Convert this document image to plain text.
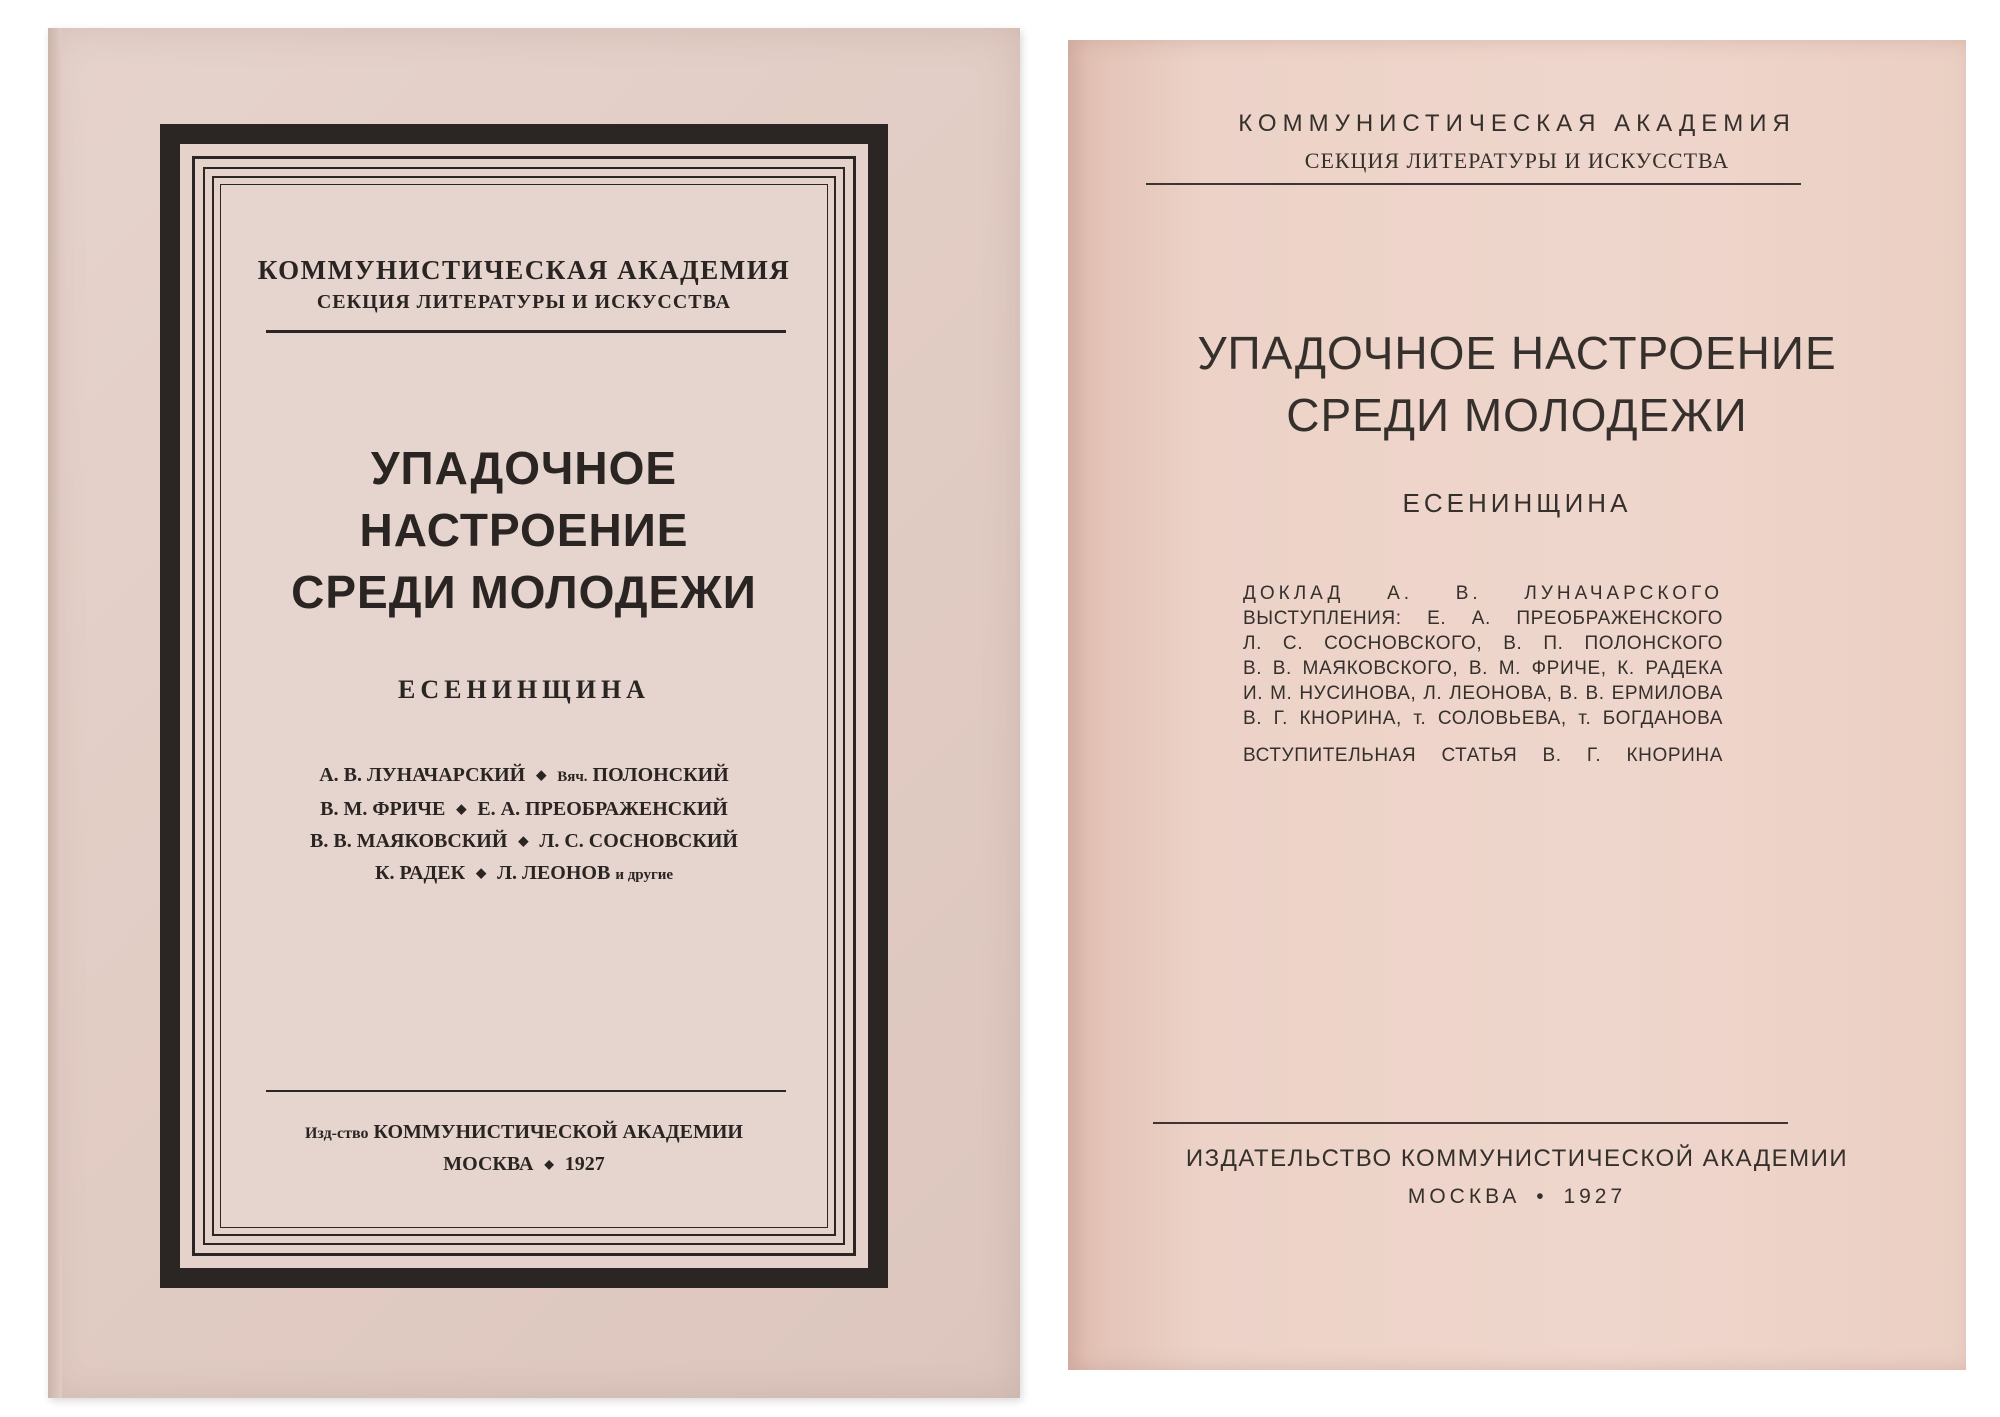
КОММУНИСТИЧЕСКАЯ АКАДЕМИЯ
СЕКЦИЯ ЛИТЕРАТУРЫ И ИСКУССТВА
УПАДОЧНОЕ
НАСТРОЕНИЕ
СРЕДИ МОЛОДЕЖИ
ЕСЕНИНЩИНА
А. В. ЛУНАЧАРСКИЙ ◆ Вяч. ПОЛОНСКИЙ
В. М. ФРИЧЕ ◆ Е. А. ПРЕОБРАЖЕНСКИЙ
В. В. МАЯКОВСКИЙ ◆ Л. С. СОСНОВСКИЙ
К. РАДЕК ◆ Л. ЛЕОНОВ и другие
Изд-ство КОММУНИСТИЧЕСКОЙ АКАДЕМИИ
МОСКВА ◆ 1927
КОММУНИСТИЧЕСКАЯ АКАДЕМИЯ
СЕКЦИЯ ЛИТЕРАТУРЫ И ИСКУССТВА
УПАДОЧНОЕ НАСТРОЕНИЕ
СРЕДИ МОЛОДЕЖИ
ЕСЕНИНЩИНА
ДОКЛАД А. В. ЛУНАЧАРСКОГО
ВЫСТУПЛЕНИЯ: Е. А. ПРЕОБРАЖЕНСКОГО
Л. С. СОСНОВСКОГО, В. П. ПОЛОНСКОГО
В. В. МАЯКОВСКОГО, В. М. ФРИЧЕ, К. РАДЕКА
И. М. НУСИНОВА, Л. ЛЕОНОВА, В. В. ЕРМИЛОВА
В. Г. КНОРИНА, т. СОЛОВЬЕВА, т. БОГДАНОВА
ВСТУПИТЕЛЬНАЯ СТАТЬЯ В. Г. КНОРИНА
ИЗДАТЕЛЬСТВО КОММУНИСТИЧЕСКОЙ АКАДЕМИИ
МОСКВА • 1927
